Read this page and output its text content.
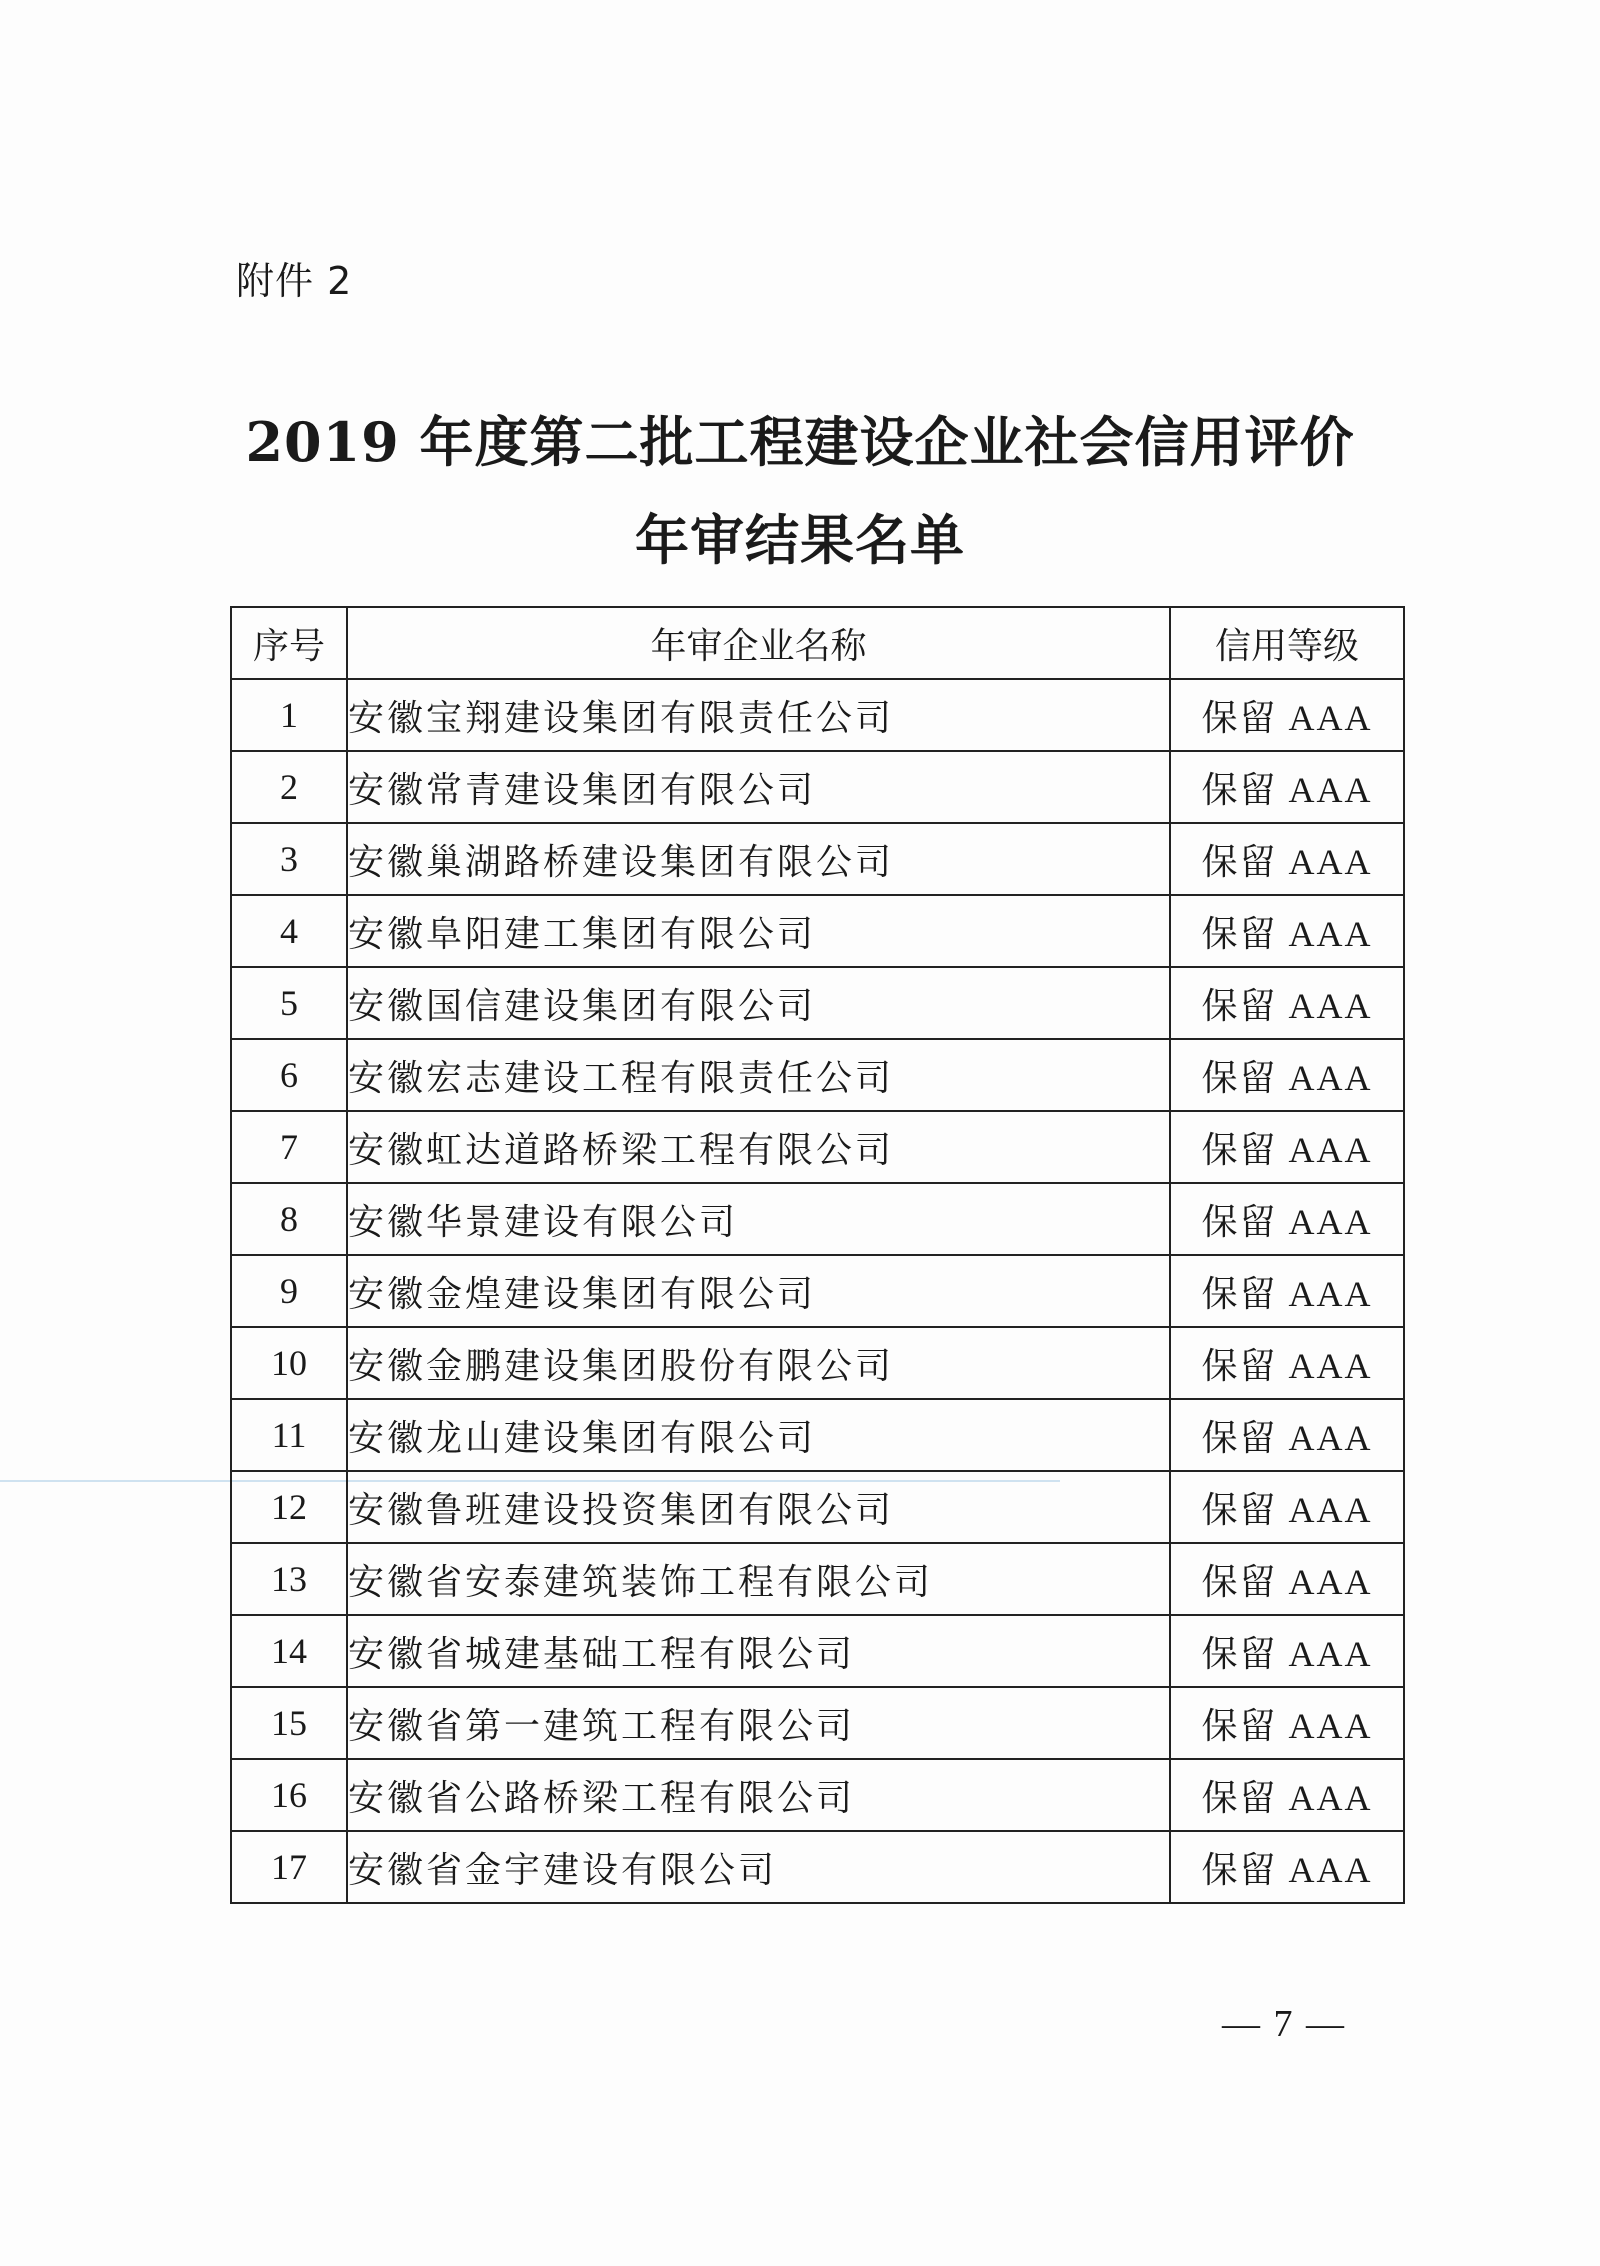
附件 2
2019 年度第二批工程建设企业社会信用评价
年审结果名单
序号	年审企业名称	信用等级
1	安徽宝翔建设集团有限责任公司	保留 AAA
2	安徽常青建设集团有限公司	保留 AAA
3	安徽巢湖路桥建设集团有限公司	保留 AAA
4	安徽阜阳建工集团有限公司	保留 AAA
5	安徽国信建设集团有限公司	保留 AAA
6	安徽宏志建设工程有限责任公司	保留 AAA
7	安徽虹达道路桥梁工程有限公司	保留 AAA
8	安徽华景建设有限公司	保留 AAA
9	安徽金煌建设集团有限公司	保留 AAA
10	安徽金鹏建设集团股份有限公司	保留 AAA
11	安徽龙山建设集团有限公司	保留 AAA
12	安徽鲁班建设投资集团有限公司	保留 AAA
13	安徽省安泰建筑装饰工程有限公司	保留 AAA
14	安徽省城建基础工程有限公司	保留 AAA
15	安徽省第一建筑工程有限公司	保留 AAA
16	安徽省公路桥梁工程有限公司	保留 AAA
17	安徽省金宇建设有限公司	保留 AAA
— 7 —
